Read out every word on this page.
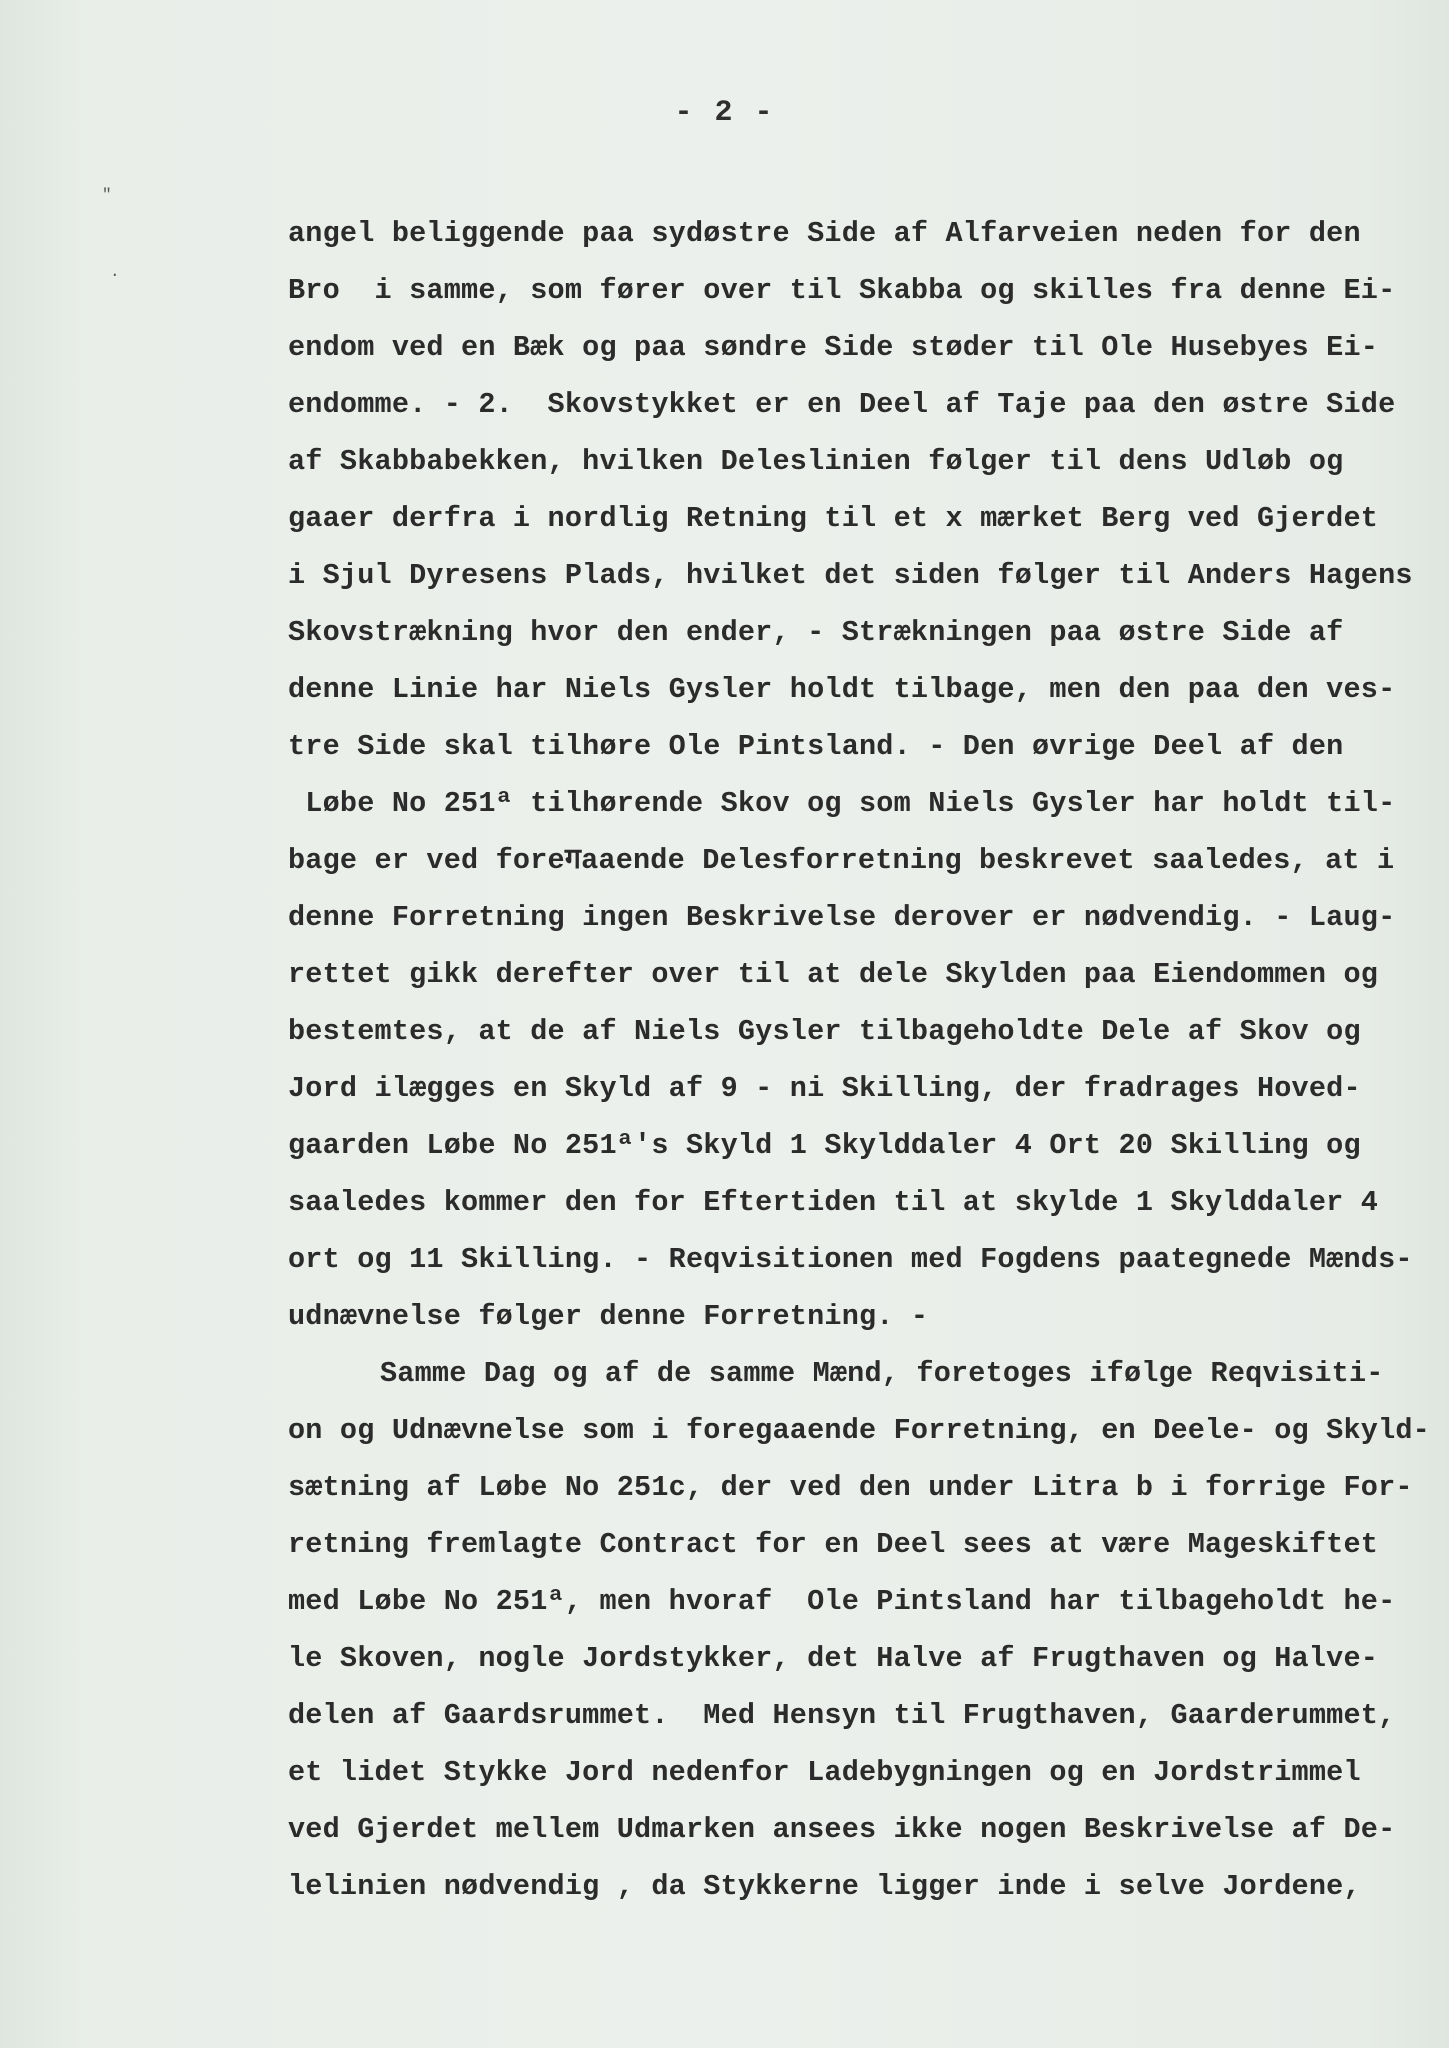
"
·
- 2 -
angel beliggende paa sydøstre Side af Alfarveien neden for den
Bro  i samme, som fører over til Skabba og skilles fra denne Ei-
endom ved en Bæk og paa søndre Side støder til Ole Husebyes Ei-
endomme. - 2.  Skovstykket er en Deel af Taje paa den østre Side
af Skabbabekken, hvilken Deleslinien følger til dens Udløb og
gaaer derfra i nordlig Retning til et x mærket Berg ved Gjerdet
i Sjul Dyresens Plads, hvilket det siden følger til Anders Hagens
Skovstrækning hvor den ender, - Strækningen paa østre Side af
denne Linie har Niels Gysler holdt tilbage, men den paa den ves-
tre Side skal tilhøre Ole Pintsland. - Den øvrige Deel af den
Løbe No 251ª tilhørende Skov og som Niels Gysler har holdt til-
bage er ved foreगaaende Delesforretning beskrevet saaledes, at i
denne Forretning ingen Beskrivelse derover er nødvendig. - Laug-
rettet gikk derefter over til at dele Skylden paa Eiendommen og
bestemtes, at de af Niels Gysler tilbageholdte Dele af Skov og
Jord ilægges en Skyld af 9 - ni Skilling, der fradrages Hoved-
gaarden Løbe No 251ª's Skyld 1 Skylddaler 4 Ort 20 Skilling og
saaledes kommer den for Eftertiden til at skylde 1 Skylddaler 4
ort og 11 Skilling. - Reqvisitionen med Fogdens paategnede Mænds-
udnævnelse følger denne Forretning. -
Samme Dag og af de samme Mænd, foretoges ifølge Reqvisiti-
on og Udnævnelse som i foregaaende Forretning, en Deele- og Skyld-
sætning af Løbe No 251c, der ved den under Litra b i forrige For-
retning fremlagte Contract for en Deel sees at være Mageskiftet
med Løbe No 251ª, men hvoraf  Ole Pintsland har tilbageholdt he-
le Skoven, nogle Jordstykker, det Halve af Frugthaven og Halve-
delen af Gaardsrummet.  Med Hensyn til Frugthaven, Gaarderummet,
et lidet Stykke Jord nedenfor Ladebygningen og en Jordstrimmel
ved Gjerdet mellem Udmarken ansees ikke nogen Beskrivelse af De-
lelinien nødvendig , da Stykkerne ligger inde i selve Jordene,
